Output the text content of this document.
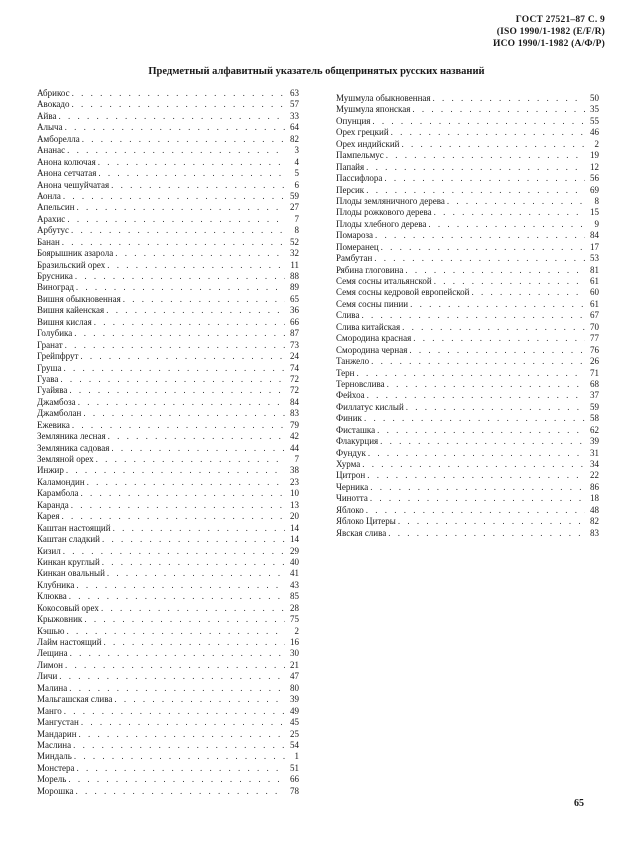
ГОСТ 27521–87 С. 9
(ISO 1990/1-1982 (E/F/R)
ИСО 1990/1-1982 (А/Ф/Р)
Предметный алфавитный указатель общепринятых русских названий
Абрикос . . .	63
Авокадо . . .	57
Айва . . .	33
Алыча . . .	64
Амборелла . . .	82
Ананас . . .	3
Анона колючая . . .	4
Анона сетчатая . . .	5
Анона чешуйчатая . . .	6
Аонла . . .	59
Апельсин . . .	27
Арахис . . .	7
Арбутус . . .	8
Банан . . .	52
Боярышник азарола . . .	32
Бразильский орех . . .	11
Брусника . . .	88
Виноград . . .	89
Вишня обыкновенная . . .	65
Вишня кайенская . . .	36
Вишня кислая . . .	66
Голубика . . .	87
Гранат . . .	73
Грейпфрут . . .	24
Груша . . .	74
Гуава . . .	72
Гуайява . . .	72
Джамбоза . . .	84
Джамболан . . .	83
Ежевика . . .	79
Земляника лесная . . .	42
Земляника садовая . . .	44
Земляной орех . . .	7
Инжир . . .	38
Каламондин . . .	23
Карамбола . . .	10
Каранда . . .	13
Карея . . .	20
Каштан настоящий . . .	14
Каштан сладкий . . .	14
Кизил . . .	29
Кинкан круглый . . .	40
Кинкан овальный . . .	41
Клубника . . .	43
Клюква . . .	85
Кокосовый орех . . .	28
Крыжовник . . .	75
Кэшью . . .	2
Лайм настоящий . . .	16
Лещина . . .	30
Лимон . . .	21
Личи . . .	47
Малина . . .	80
Мальгашская слива . . .	39
Манго . . .	49
Мангустан . . .	45
Мандарин . . .	25
Маслина . . .	54
Миндаль . . .	1
Монстера . . .	51
Морель . . .	66
Морошка . . .	78
Мушмула обыкновенная . . .	50
Мушмула японская . . .	35
Опунция . . .	55
Орех грецкий . . .	46
Орех индийский . . .	2
Пампельмус . . .	19
Папайя . . .	12
Пассифлора . . .	56
Персик . . .	69
Плоды земляничного дерева . . .	8
Плоды рожкового дерева . . .	15
Плоды хлебного дерева . . .	9
Помароза . . .	84
Померанец . . .	17
Рамбутан . . .	53
Рябина глоговина . . .	81
Семя сосны итальянской . . .	61
Семя сосны кедровой европейской . . .	60
Семя сосны пинии . . .	61
Слива . . .	67
Слива китайская . . .	70
Смородина красная . . .	77
Смородина черная . . .	76
Танжело . . .	26
Терн . . .	71
Терновслива . . .	68
Фейхоа . . .	37
Филлатус кислый . . .	59
Финик . . .	58
Фисташка . . .	62
Флакурция . . .	39
Фундук . . .	31
Хурма . . .	34
Цитрон . . .	22
Черника . . .	86
Чинотта . . .	18
Яблоко . . .	48
Яблоко Цитеры . . .	82
Явская слива . . .	83
65
